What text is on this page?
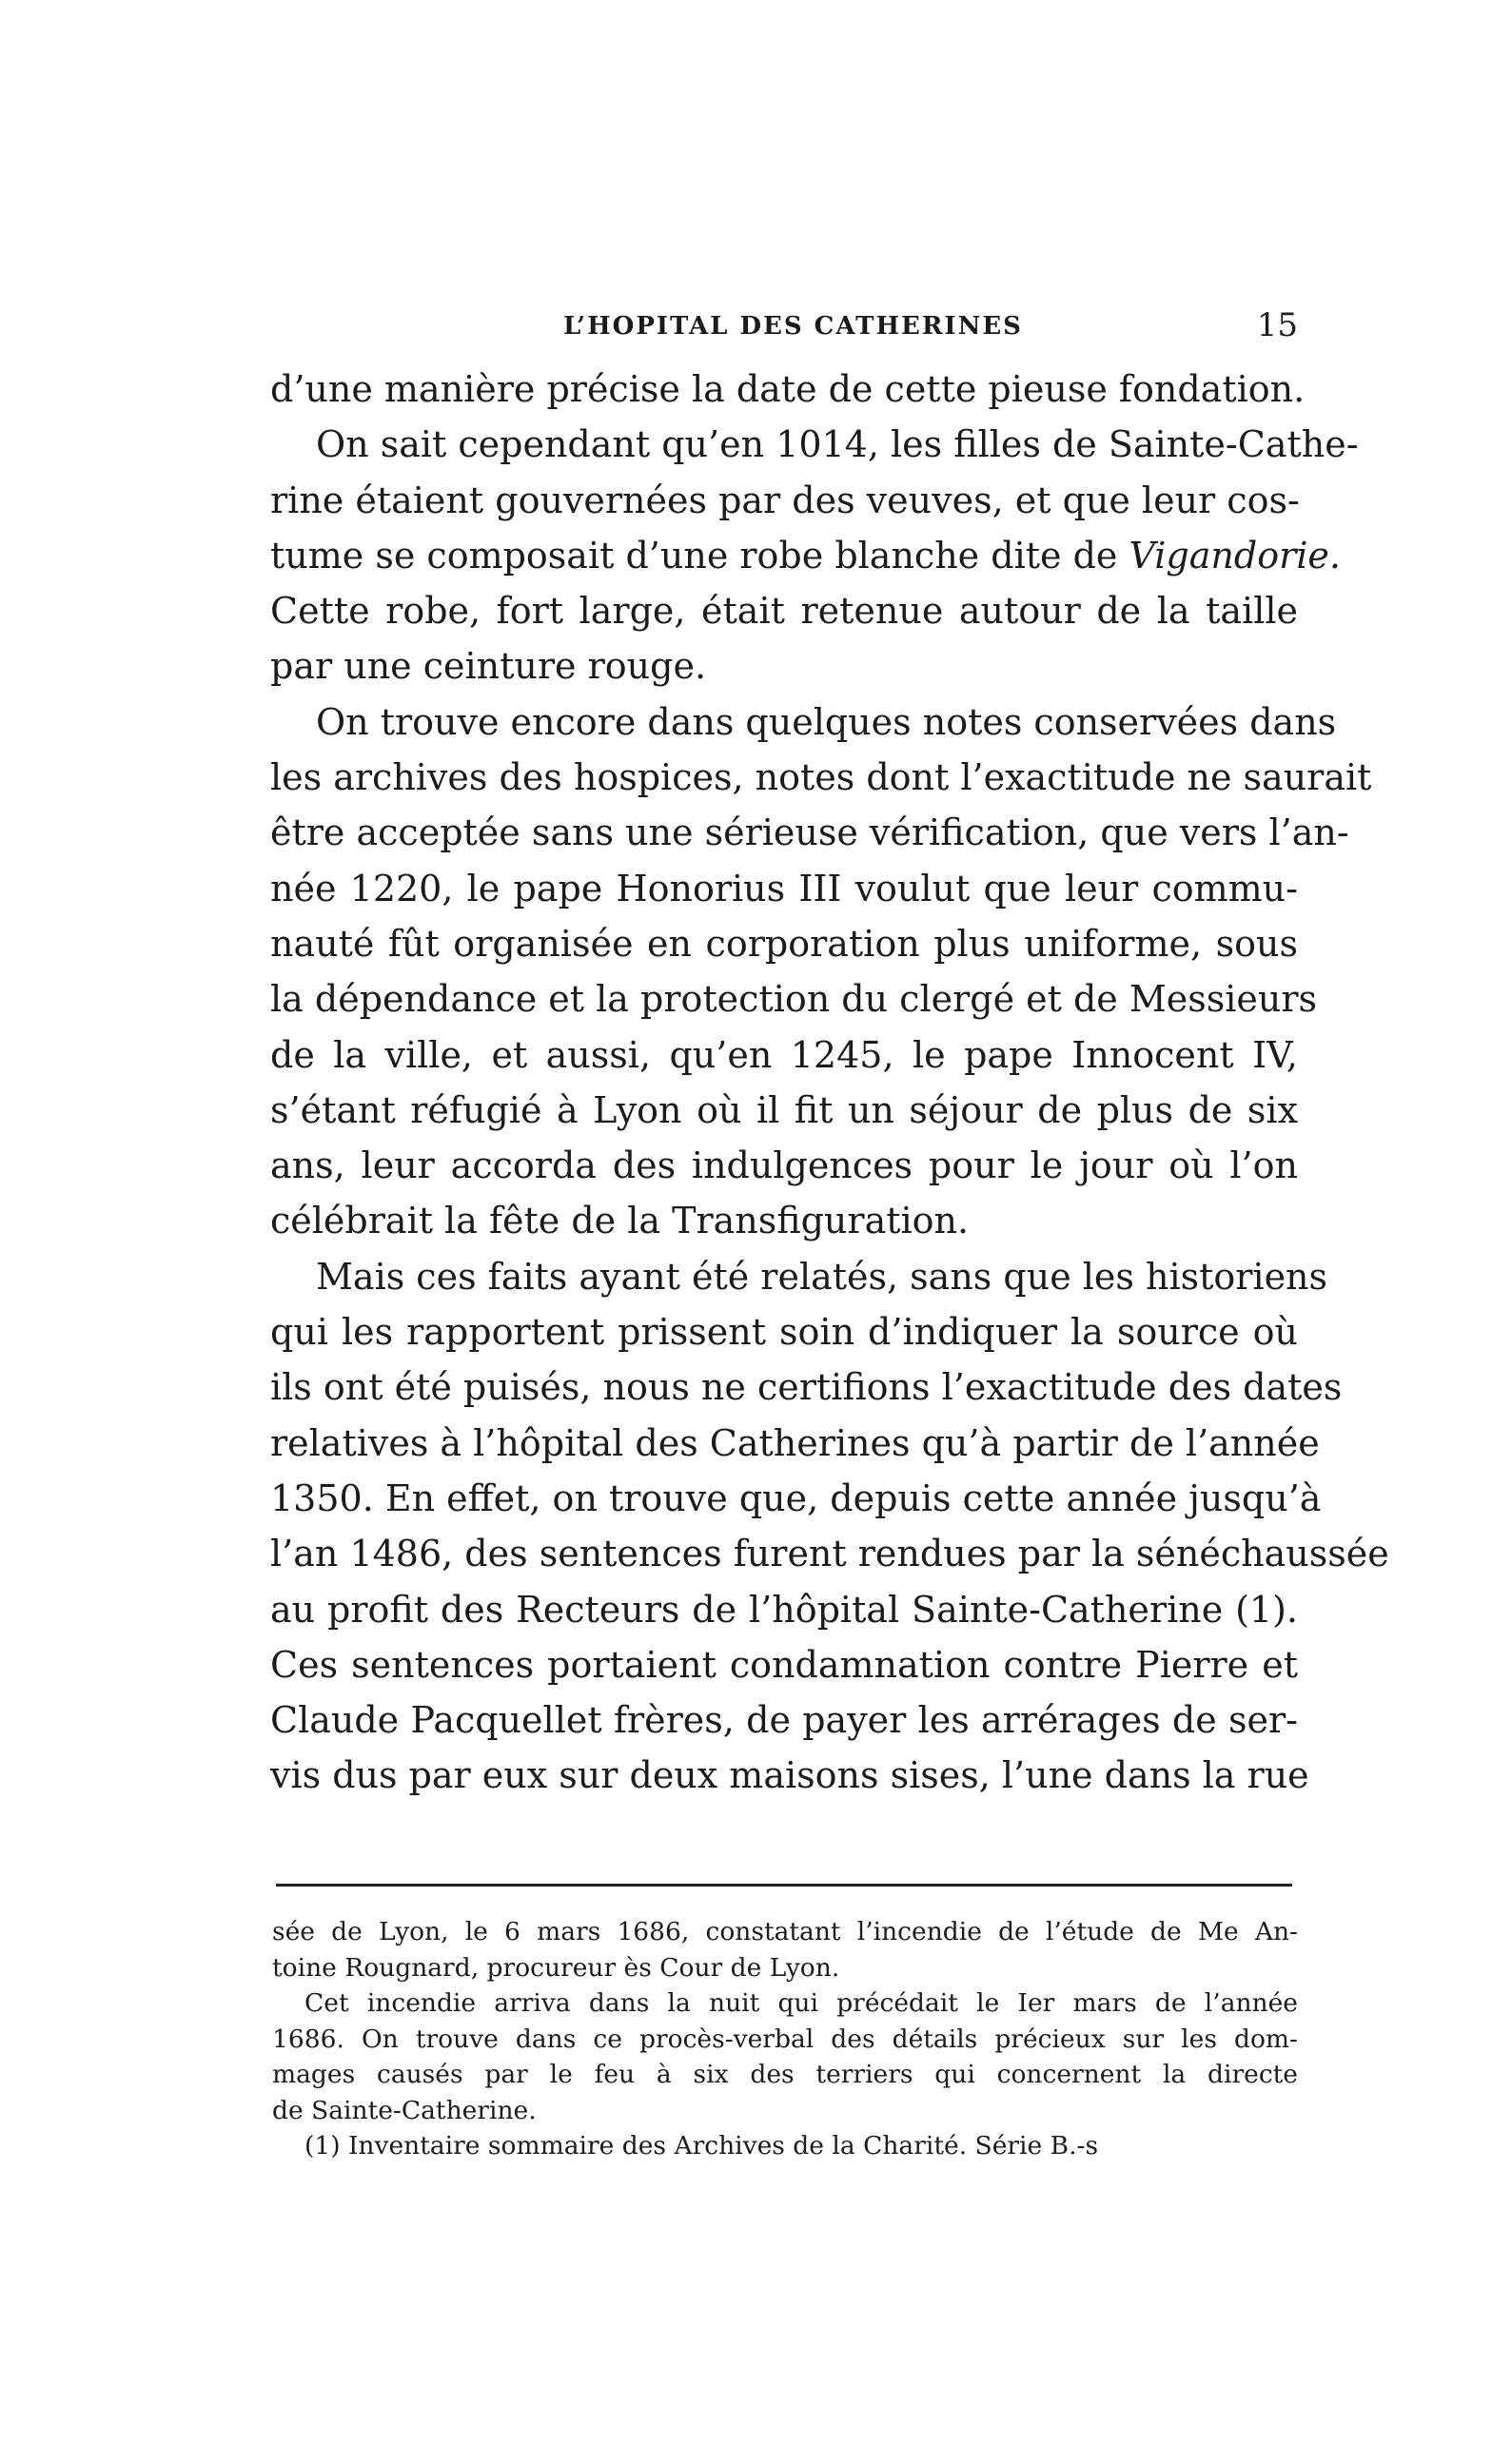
L’HOPITAL DES CATHERINES	15
d’une manière précise la date de cette pieuse fondation.
On sait cependant qu’en 1014, les filles de Sainte-Cathe-
rine étaient gouvernées par des veuves, et que leur cos-
tume se composait d’une robe blanche dite de Vigandorie.
Cette robe, fort large, était retenue autour de la taille
par une ceinture rouge.
On trouve encore dans quelques notes conservées dans
les archives des hospices, notes dont l’exactitude ne saurait
être acceptée sans une sérieuse vérification, que vers l’an-
née 1220, le pape Honorius III voulut que leur commu-
nauté fût organisée en corporation plus uniforme, sous
la dépendance et la protection du clergé et de Messieurs
de la ville, et aussi, qu’en 1245, le pape Innocent IV,
s’étant réfugié à Lyon où il fit un séjour de plus de six
ans, leur accorda des indulgences pour le jour où l’on
célébrait la fête de la Transfiguration.
Mais ces faits ayant été relatés, sans que les historiens
qui les rapportent prissent soin d’indiquer la source où
ils ont été puisés, nous ne certifions l’exactitude des dates
relatives à l’hôpital des Catherines qu’à partir de l’année
1350. En effet, on trouve que, depuis cette année jusqu’à
l’an 1486, des sentences furent rendues par la sénéchaussée
au profit des Recteurs de l’hôpital Sainte-Catherine (1).
Ces sentences portaient condamnation contre Pierre et
Claude Pacquellet frères, de payer les arrérages de ser-
vis dus par eux sur deux maisons sises, l’une dans la rue
sée de Lyon, le 6 mars 1686, constatant l’incendie de l’étude de Me An-
toine Rougnard, procureur ès Cour de Lyon.
Cet incendie arriva dans la nuit qui précédait le Ier mars de l’année
1686. On trouve dans ce procès-verbal des détails précieux sur les dom-
mages causés par le feu à six des terriers qui concernent la directe
de Sainte-Catherine.
(1) Inventaire sommaire des Archives de la Charité. Série B.-s
